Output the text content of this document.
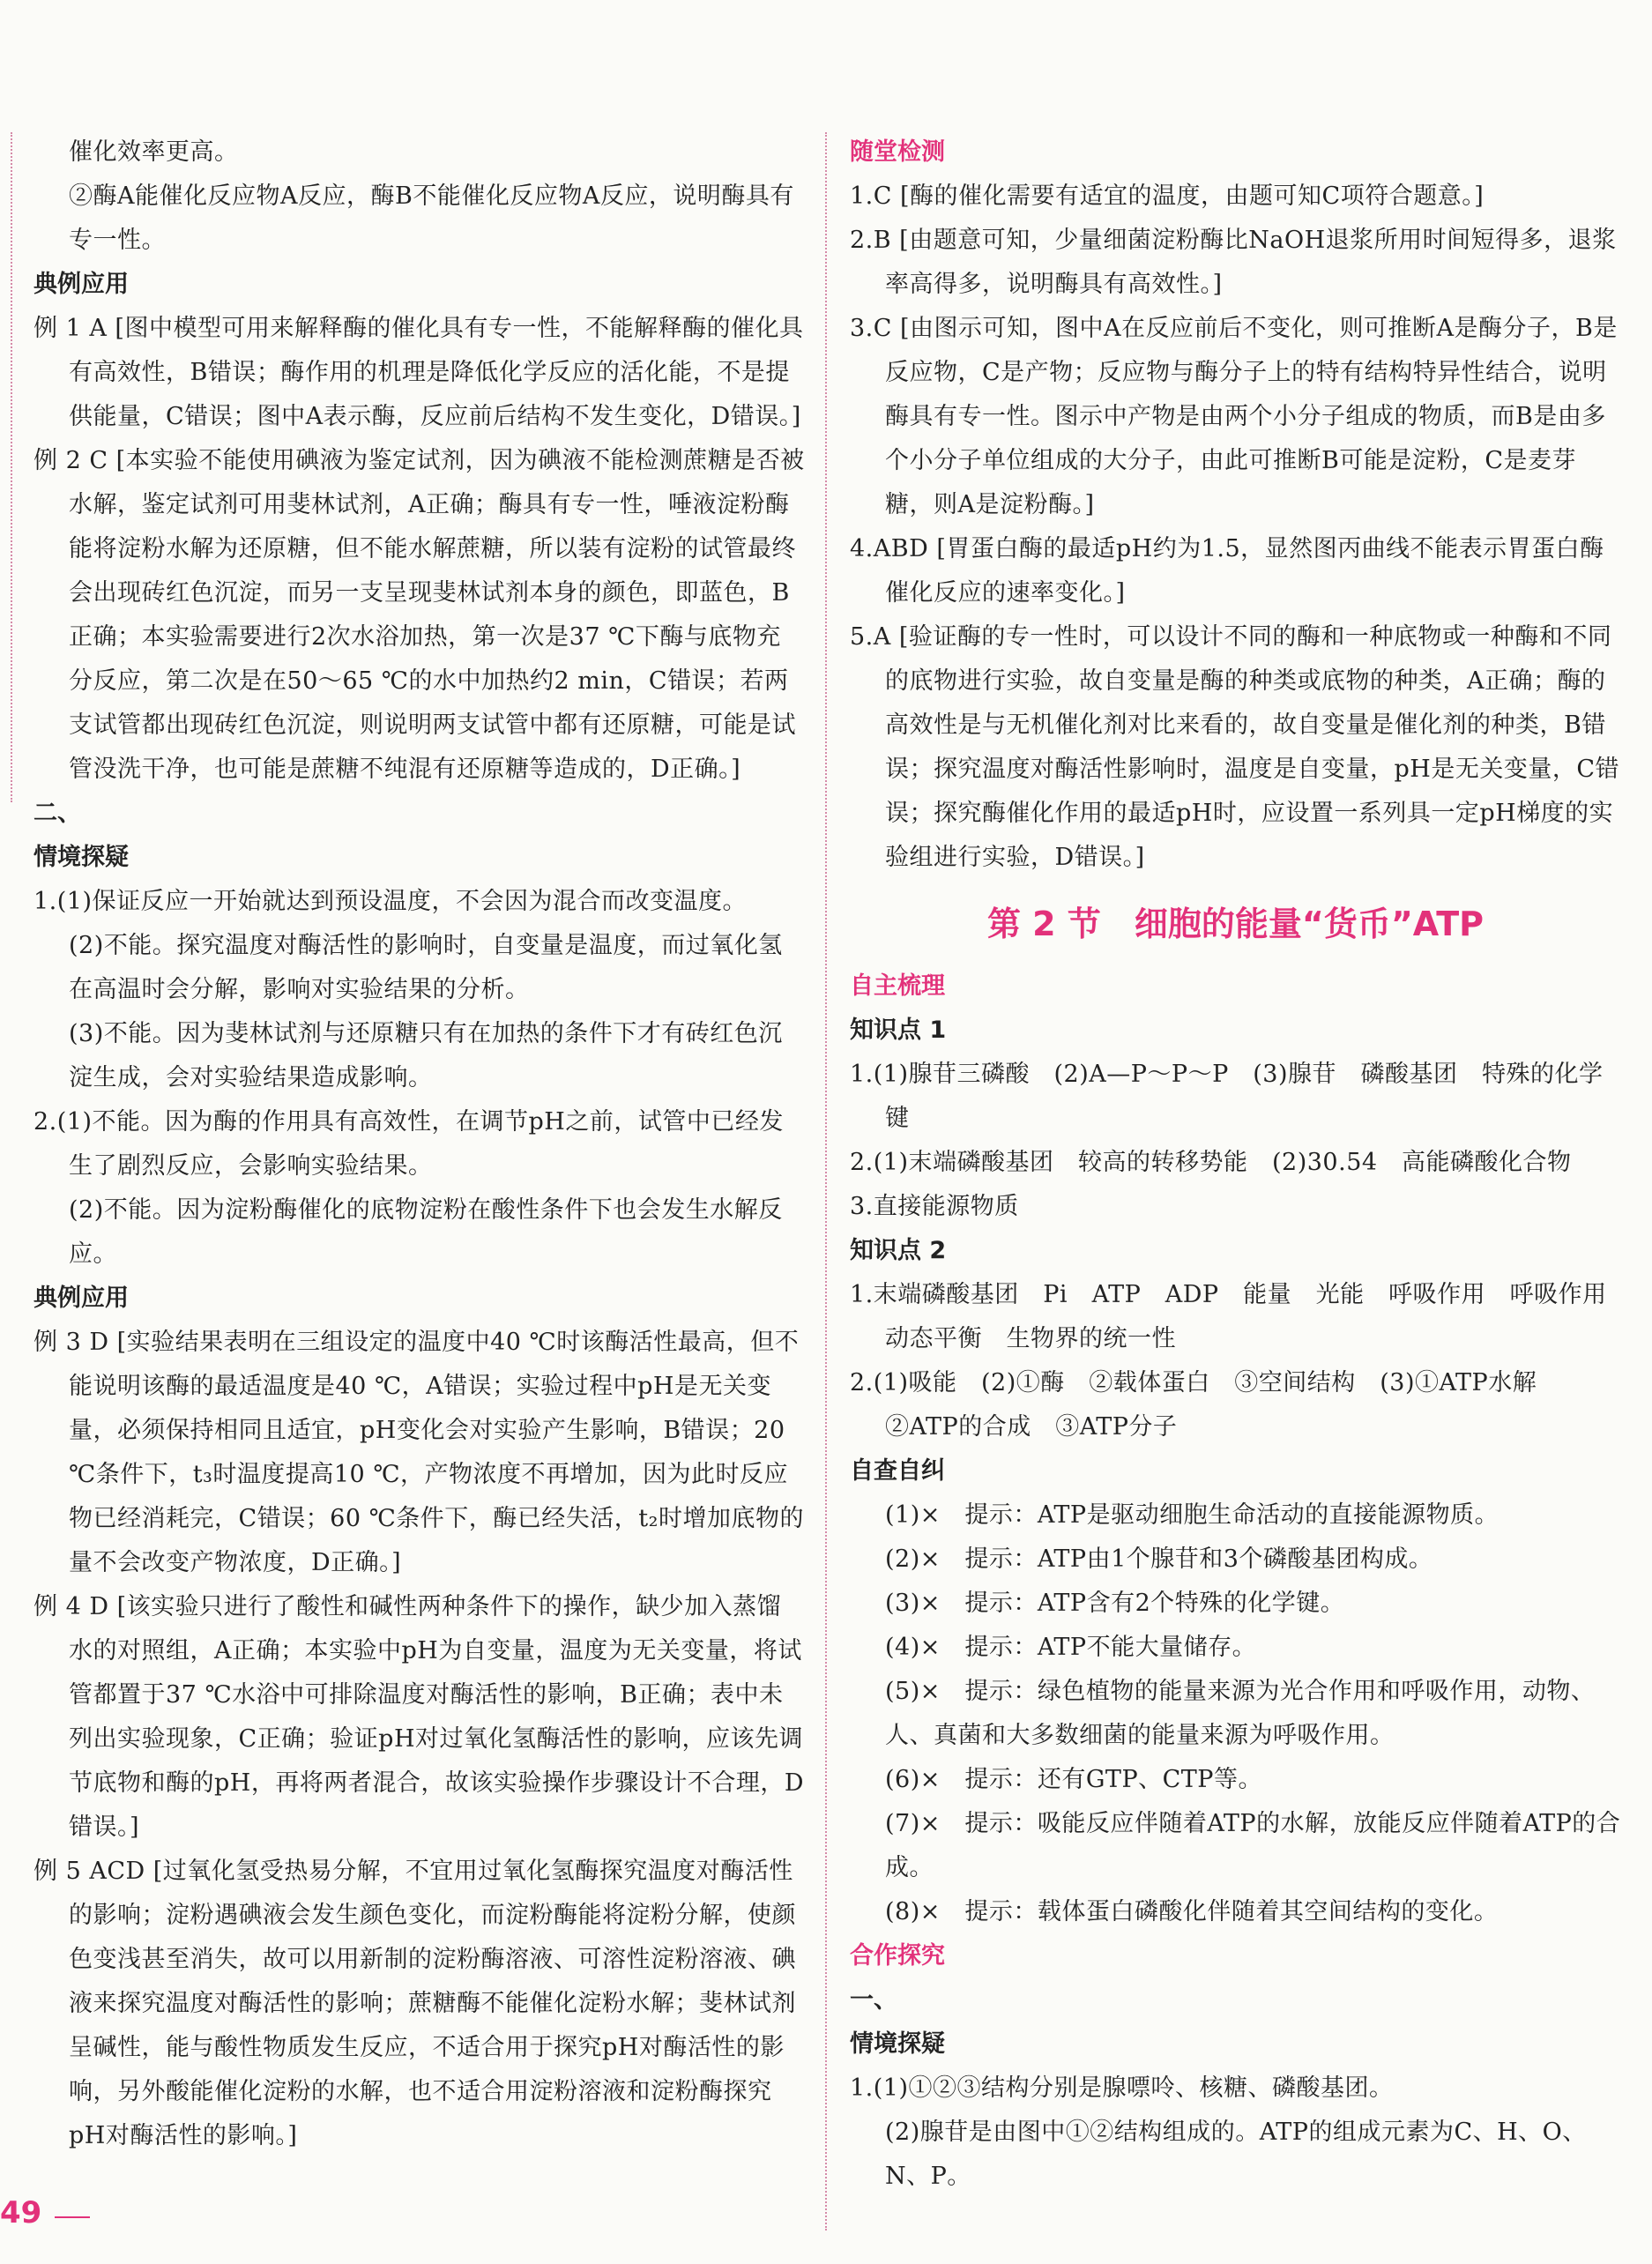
催化效率更高。

②酶A能催化反应物A反应，酶B不能催化反应物A反应，说明酶具有专一性。

典例应用

例 1 A [图中模型可用来解释酶的催化具有专一性，不能解释酶的催化具有高效性，B错误；酶作用的机理是降低化学反应的活化能，不是提供能量，C错误；图中A表示酶，反应前后结构不发生变化，D错误。]

例 2 C [本实验不能使用碘液为鉴定试剂，因为碘液不能检测蔗糖是否被水解，鉴定试剂可用斐林试剂，A正确；酶具有专一性，唾液淀粉酶能将淀粉水解为还原糖，但不能水解蔗糖，所以装有淀粉的试管最终会出现砖红色沉淀，而另一支呈现斐林试剂本身的颜色，即蓝色，B正确；本实验需要进行2次水浴加热，第一次是37 ℃下酶与底物充分反应，第二次是在50～65 ℃的水中加热约2 min，C错误；若两支试管都出现砖红色沉淀，则说明两支试管中都有还原糖，可能是试管没洗干净，也可能是蔗糖不纯混有还原糖等造成的，D正确。]

二、

情境探疑

1.(1)保证反应一开始就达到预设温度，不会因为混合而改变温度。

(2)不能。探究温度对酶活性的影响时，自变量是温度，而过氧化氢在高温时会分解，影响对实验结果的分析。

(3)不能。因为斐林试剂与还原糖只有在加热的条件下才有砖红色沉淀生成，会对实验结果造成影响。

2.(1)不能。因为酶的作用具有高效性，在调节pH之前，试管中已经发生了剧烈反应，会影响实验结果。

(2)不能。因为淀粉酶催化的底物淀粉在酸性条件下也会发生水解反应。

典例应用

例 3 D [实验结果表明在三组设定的温度中40 ℃时该酶活性最高，但不能说明该酶的最适温度是40 ℃，A错误；实验过程中pH是无关变量，必须保持相同且适宜，pH变化会对实验产生影响，B错误；20 ℃条件下，t₃时温度提高10 ℃，产物浓度不再增加，因为此时反应物已经消耗完，C错误；60 ℃条件下，酶已经失活，t₂时增加底物的量不会改变产物浓度，D正确。]

例 4 D [该实验只进行了酸性和碱性两种条件下的操作，缺少加入蒸馏水的对照组，A正确；本实验中pH为自变量，温度为无关变量，将试管都置于37 ℃水浴中可排除温度对酶活性的影响，B正确；表中未列出实验现象，C正确；验证pH对过氧化氢酶活性的影响，应该先调节底物和酶的pH，再将两者混合，故该实验操作步骤设计不合理，D错误。]

例 5 ACD [过氧化氢受热易分解，不宜用过氧化氢酶探究温度对酶活性的影响；淀粉遇碘液会发生颜色变化，而淀粉酶能将淀粉分解，使颜色变浅甚至消失，故可以用新制的淀粉酶溶液、可溶性淀粉溶液、碘液来探究温度对酶活性的影响；蔗糖酶不能催化淀粉水解；斐林试剂呈碱性，能与酸性物质发生反应，不适合用于探究pH对酶活性的影响，另外酸能催化淀粉的水解，也不适合用淀粉溶液和淀粉酶探究pH对酶活性的影响。]

随堂检测

1.C [酶的催化需要有适宜的温度，由题可知C项符合题意。]

2.B [由题意可知，少量细菌淀粉酶比NaOH退浆所用时间短得多，退浆率高得多，说明酶具有高效性。]

3.C [由图示可知，图中A在反应前后不变化，则可推断A是酶分子，B是反应物，C是产物；反应物与酶分子上的特有结构特异性结合，说明酶具有专一性。图示中产物是由两个小分子组成的物质，而B是由多个小分子单位组成的大分子，由此可推断B可能是淀粉，C是麦芽糖，则A是淀粉酶。]

4.ABD [胃蛋白酶的最适pH约为1.5，显然图丙曲线不能表示胃蛋白酶催化反应的速率变化。]

5.A [验证酶的专一性时，可以设计不同的酶和一种底物或一种酶和不同的底物进行实验，故自变量是酶的种类或底物的种类，A正确；酶的高效性是与无机催化剂对比来看的，故自变量是催化剂的种类，B错误；探究温度对酶活性影响时，温度是自变量，pH是无关变量，C错误；探究酶催化作用的最适pH时，应设置一系列具一定pH梯度的实验组进行实验，D错误。]

第 2 节　细胞的能量“货币”ATP

自主梳理

知识点 1

1.(1)腺苷三磷酸　(2)A—P～P～P　(3)腺苷　磷酸基团　特殊的化学键

2.(1)末端磷酸基团　较高的转移势能　(2)30.54　高能磷酸化合物

3.直接能源物质

知识点 2

1.末端磷酸基团　Pi　ATP　ADP　能量　光能　呼吸作用　呼吸作用　动态平衡　生物界的统一性

2.(1)吸能　(2)①酶　②载体蛋白　③空间结构　(3)①ATP水解　②ATP的合成　③ATP分子

自查自纠

(1)×　提示：ATP是驱动细胞生命活动的直接能源物质。

(2)×　提示：ATP由1个腺苷和3个磷酸基团构成。

(3)×　提示：ATP含有2个特殊的化学键。

(4)×　提示：ATP不能大量储存。

(5)×　提示：绿色植物的能量来源为光合作用和呼吸作用，动物、人、真菌和大多数细菌的能量来源为呼吸作用。

(6)×　提示：还有GTP、CTP等。

(7)×　提示：吸能反应伴随着ATP的水解，放能反应伴随着ATP的合成。

(8)×　提示：载体蛋白磷酸化伴随着其空间结构的变化。

合作探究

一、

情境探疑

1.(1)①②③结构分别是腺嘌呤、核糖、磷酸基团。

(2)腺苷是由图中①②结构组成的。ATP的组成元素为C、H、O、N、P。

49
